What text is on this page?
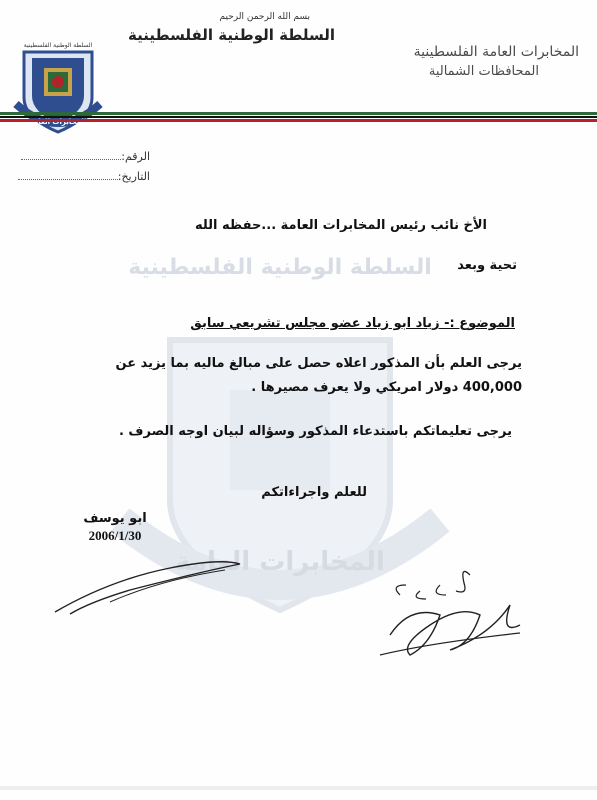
بسم الله الرحمن الرحيم
السلطة الوطنية الفلسطينية
المخابرات العامة الفلسطينية
المحافظات الشمالية
السلطة الوطنية الفلسطينية
الرقم:
التاريخ:
السلطة الوطنية الفلسطينية
المخابرات العامة
الأخ نائب رئيس المخابرات العامة ...حفظه الله
تحية وبعد
الموضوع :- زياد ابو زياد عضو مجلس تشريعي سابق
يرجى العلم بأن المذكور اعلاه حصل على مبالغ ماليه بما يزيد عن
400,000 دولار امريكي ولا يعرف مصيرها .
يرجى تعليماتكم باستدعاء المذكور وسؤاله لبيان اوجه الصرف .
للعلم واجراءاتكم
ابو يوسف
2006/1/30
